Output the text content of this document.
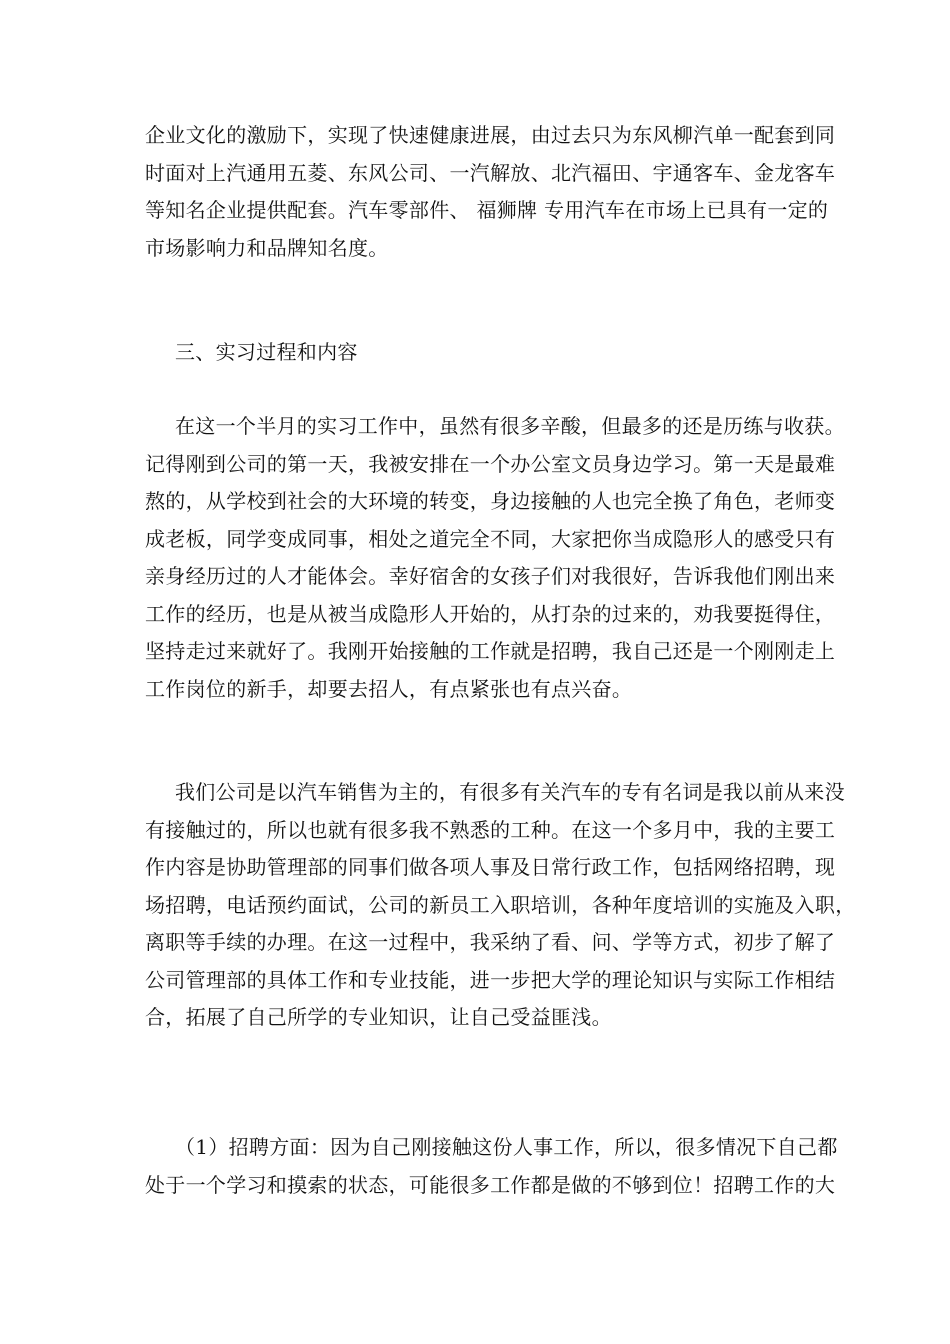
企业文化的激励下，实现了快速健康进展，由过去只为东风柳汽单一配套到同
时面对上汽通用五菱、东风公司、一汽解放、北汽福田、宇通客车、金龙客车
等知名企业提供配套。汽车零部件、 福狮牌 专用汽车在市场上已具有一定的
市场影响力和品牌知名度。
三、实习过程和内容
在这一个半月的实习工作中，虽然有很多辛酸，但最多的还是历练与收获。
记得刚到公司的第一天，我被安排在一个办公室文员身边学习。第一天是最难
熬的，从学校到社会的大环境的转变，身边接触的人也完全换了角色，老师变
成老板，同学变成同事，相处之道完全不同，大家把你当成隐形人的感受只有
亲身经历过的人才能体会。幸好宿舍的女孩子们对我很好，告诉我他们刚出来
工作的经历，也是从被当成隐形人开始的，从打杂的过来的，劝我要挺得住，
坚持走过来就好了。我刚开始接触的工作就是招聘，我自己还是一个刚刚走上
工作岗位的新手，却要去招人，有点紧张也有点兴奋。
我们公司是以汽车销售为主的，有很多有关汽车的专有名词是我以前从来没
有接触过的，所以也就有很多我不熟悉的工种。在这一个多月中，我的主要工
作内容是协助管理部的同事们做各项人事及日常行政工作，包括网络招聘，现
场招聘，电话预约面试，公司的新员工入职培训，各种年度培训的实施及入职，
离职等手续的办理。在这一过程中，我采纳了看、问、学等方式，初步了解了
公司管理部的具体工作和专业技能，进一步把大学的理论知识与实际工作相结
合，拓展了自己所学的专业知识，让自己受益匪浅。
（1）招聘方面：因为自己刚接触这份人事工作，所以，很多情况下自己都
处于一个学习和摸索的状态，可能很多工作都是做的不够到位！招聘工作的大
